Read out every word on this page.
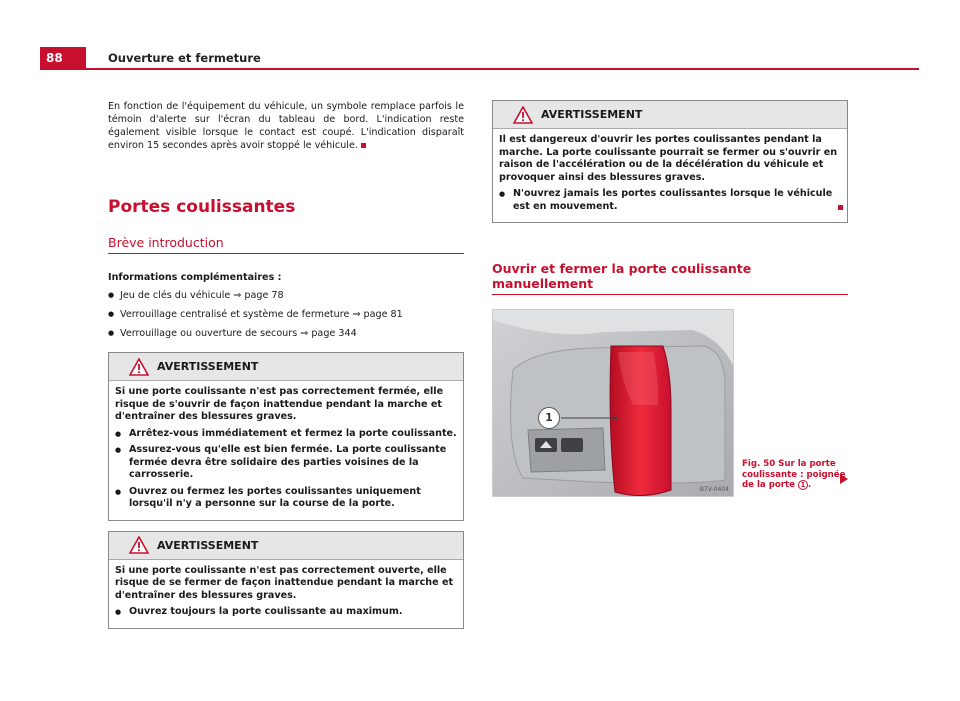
88	Ouverture et fermeture

En fonction de l'équipement du véhicule, un symbole remplace parfois le témoin d'alerte sur l'écran du tableau de bord. L'indication reste également visible lorsque le contact est coupé. L'indication disparaît environ 15 secondes après avoir stoppé le véhicule.

Portes coulissantes
Brève introduction
Informations complémentaires :
● Jeu de clés du véhicule ⇒ page 78
● Verrouillage centralisé et système de fermeture ⇒ page 81
● Verrouillage ou ouverture de secours ⇒ page 344
AVERTISSEMENT

Si une porte coulissante n'est pas correctement fermée, elle risque de s'ouvrir de façon inattendue pendant la marche et d'entraîner des blessures graves.

● Arrêtez-vous immédiatement et fermez la porte coulissante.

● Assurez-vous qu'elle est bien fermée. La porte coulissante fermée devra être solidaire des parties voisines de la carrosserie.

● Ouvrez ou fermez les portes coulissantes uniquement lorsqu'il n'y a personne sur la course de la porte.

AVERTISSEMENT

Si une porte coulissante n'est pas correctement ouverte, elle risque de se fermer de façon inattendue pendant la marche et d'entraîner des blessures graves.

● Ouvrez toujours la porte coulissante au maximum.

AVERTISSEMENT

Il est dangereux d'ouvrir les portes coulissantes pendant la marche. La porte coulissante pourrait se fermer ou s'ouvrir en raison de l'accélération ou de la décélération du véhicule et provoquer ainsi des blessures graves.

● N'ouvrez jamais les portes coulissantes lorsque le véhicule est en mouvement.

Ouvrir et fermer la porte coulissante manuellement
1
B7V-0404
Fig. 50 Sur la porte coulissante : poignée de la porte 1 .
